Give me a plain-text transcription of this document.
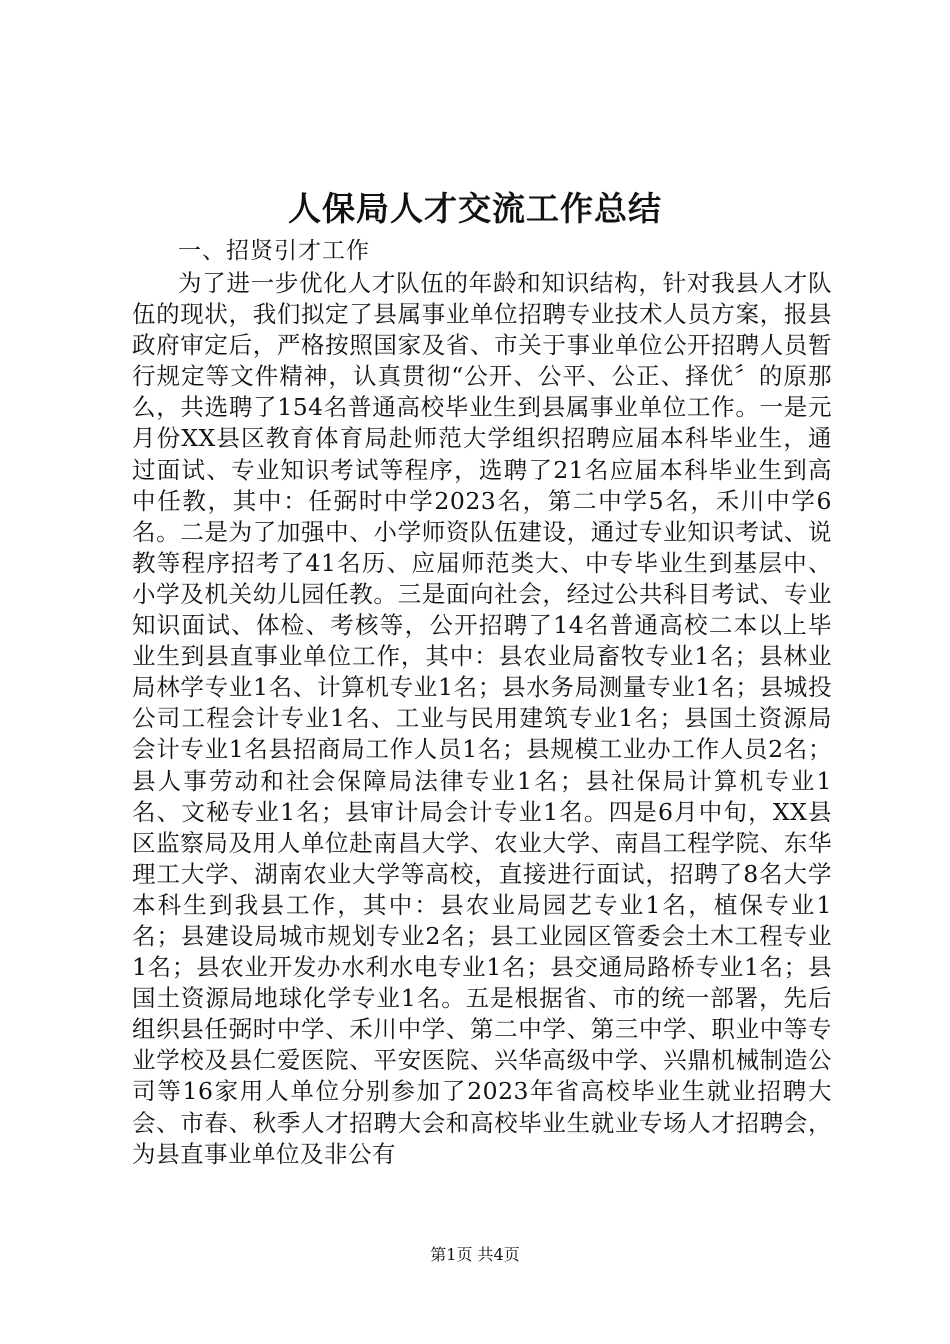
人保局人才交流工作总结

一、招贤引才工作

为了进一步优化人才队伍的年龄和知识结构，针对我县人才队伍的现状，我们拟定了县属事业单位招聘专业技术人员方案，报县政府审定后，严格按照国家及省、市关于事业单位公开招聘人员暂行规定等文件精神，认真贯彻“公开、公平、公正、择优〞的原那么，共选聘了154名普通高校毕业生到县属事业单位工作。一是元月份XX县区教育体育局赴师范大学组织招聘应届本科毕业生，通过面试、专业知识考试等程序，选聘了21名应届本科毕业生到高中任教，其中：任弼时中学2023名，第二中学5名，禾川中学6名。二是为了加强中、小学师资队伍建设，通过专业知识考试、说教等程序招考了41名历、应届师范类大、中专毕业生到基层中、小学及机关幼儿园任教。三是面向社会，经过公共科目考试、专业知识面试、体检、考核等，公开招聘了14名普通高校二本以上毕业生到县直事业单位工作，其中：县农业局畜牧专业1名；县林业局林学专业1名、计算机专业1名；县水务局测量专业1名；县城投公司工程会计专业1名、工业与民用建筑专业1名；县国土资源局会计专业1名县招商局工作人员1名；县规模工业办工作人员2名；县人事劳动和社会保障局法律专业1名；县社保局计算机专业1名、文秘专业1名；县审计局会计专业1名。四是6月中旬，XX县区监察局及用人单位赴南昌大学、农业大学、南昌工程学院、东华理工大学、湖南农业大学等高校，直接进行面试，招聘了8名大学本科生到我县工作，其中：县农业局园艺专业1名，植保专业1名；县建设局城市规划专业2名；县工业园区管委会土木工程专业1名；县农业开发办水利水电专业1名；县交通局路桥专业1名；县国土资源局地球化学专业1名。五是根据省、市的统一部署，先后组织县任弼时中学、禾川中学、第二中学、第三中学、职业中等专业学校及县仁爱医院、平安医院、兴华高级中学、兴鼎机械制造公司等16家用人单位分别参加了2023年省高校毕业生就业招聘大会、市春、秋季人才招聘大会和高校毕业生就业专场人才招聘会，为县直事业单位及非公有

第1页 共4页
